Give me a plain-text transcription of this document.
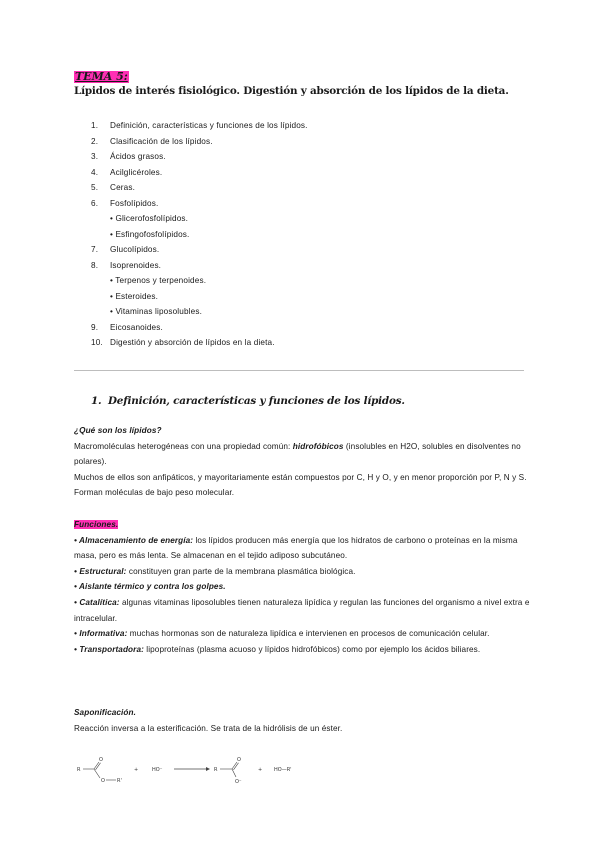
TEMA 5:
Lípidos de interés fisiológico. Digestión y absorción de los lípidos de la dieta.
1. Definición, características y funciones de los lípidos.
2. Clasificación de los lípidos.
3. Ácidos grasos.
4. Acilglicéroles.
5. Ceras.
6. Fosfolípidos.
• Glicerofosfolípidos.
• Esfingofosfolípidos.
7. Glucolípidos.
8. Isoprenoides.
• Terpenos y terpenoides.
• Esteroides.
• Vitaminas liposolubles.
9. Eicosanoides.
10. Digestión y absorción de lípidos en la dieta.
1. Definición, características y funciones de los lípidos.

¿Qué son los lípidos?

Macromoléculas heterogéneas con una propiedad común: hidrofóbicos (insolubles en H2O, solubles en disolventes no polares).

Muchos de ellos son anfipáticos, y mayoritariamente están compuestos por C, H y O, y en menor proporción por P, N y S. Forman moléculas de bajo peso molecular.

Funciones.

• Almacenamiento de energía: los lípidos producen más energía que los hidratos de carbono o proteínas en la misma masa, pero es más lenta. Se almacenan en el tejido adiposo subcutáneo.

• Estructural: constituyen gran parte de la membrana plasmática biológica.

• Aislante térmico y contra los golpes.

• Catalítica: algunas vitaminas liposolubles tienen naturaleza lipídica y regulan las funciones del organismo a nivel extra e intracelular.

• Informativa: muchas hormonas son de naturaleza lipídica e intervienen en procesos de comunicación celular.

• Transportadora: lipoproteínas (plasma acuoso y lípidos hidrofóbicos) como por ejemplo los ácidos biliares.

Saponificación.

Reacción inversa a la esterificación. Se trata de la hidrólisis de un éster.

R
O
O R'
+	HO⁻	R
O
O⁻
+ HO—R'
